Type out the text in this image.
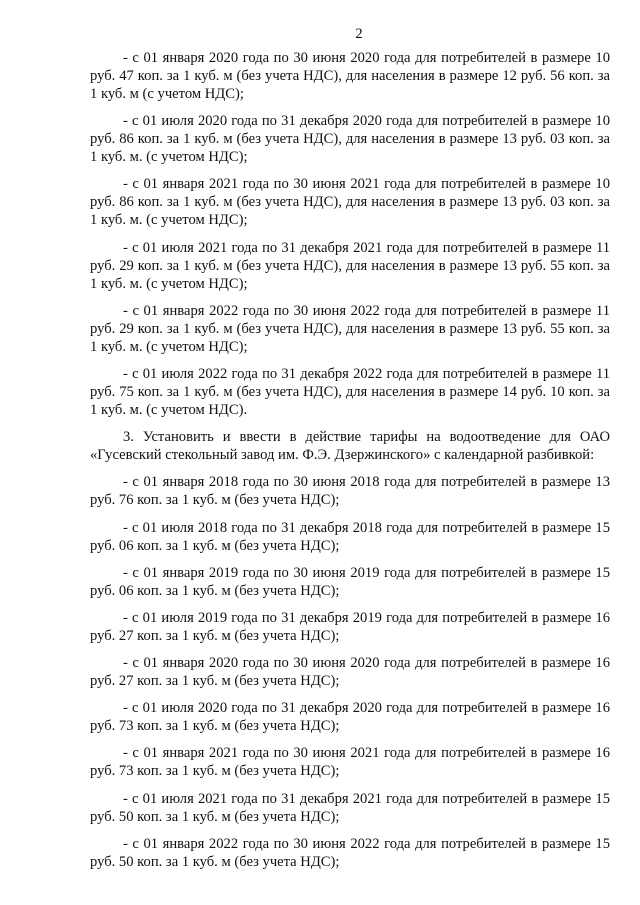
2

- с 01 января 2020 года по 30 июня 2020 года для потребителей в размере 10 руб. 47 коп. за 1 куб. м (без учета НДС), для населения в размере 12 руб. 56 коп. за 1 куб. м (с учетом НДС);

- с 01 июля 2020 года по 31 декабря 2020 года для потребителей в размере 10 руб. 86 коп. за 1 куб. м (без учета НДС), для населения в размере 13 руб. 03 коп. за 1 куб. м. (с учетом НДС);

- с 01 января 2021 года по 30 июня 2021 года для потребителей в размере 10 руб. 86 коп. за 1 куб. м (без учета НДС), для населения в размере 13 руб. 03 коп. за 1 куб. м. (с учетом НДС);

- с 01 июля 2021 года по 31 декабря 2021 года для потребителей в размере 11 руб. 29 коп. за 1 куб. м (без учета НДС), для населения в размере 13 руб. 55 коп. за 1 куб. м. (с учетом НДС);

- с 01 января 2022 года по 30 июня 2022 года для потребителей в размере 11 руб. 29 коп. за 1 куб. м (без учета НДС), для населения в размере 13 руб. 55 коп. за 1 куб. м. (с учетом НДС);

- с 01 июля 2022 года по 31 декабря 2022 года для потребителей в размере 11 руб. 75 коп. за 1 куб. м (без учета НДС), для населения в размере 14 руб. 10 коп. за 1 куб. м. (с учетом НДС).

3. Установить и ввести в действие тарифы на водоотведение для ОАО «Гусевский стекольный завод им. Ф.Э. Дзержинского» с календарной разбивкой:

- с 01 января 2018 года по 30 июня 2018 года для потребителей в размере 13 руб. 76 коп. за 1 куб. м (без учета НДС);

- с 01 июля 2018 года по 31 декабря 2018 года для потребителей в размере 15 руб. 06 коп. за 1 куб. м (без учета НДС);

- с 01 января 2019 года по 30 июня 2019 года для потребителей в размере 15 руб. 06 коп. за 1 куб. м (без учета НДС);

- с 01 июля 2019 года по 31 декабря 2019 года для потребителей в размере 16 руб. 27 коп. за 1 куб. м (без учета НДС);

- с 01 января 2020 года по 30 июня 2020 года для потребителей в размере 16 руб. 27 коп. за 1 куб. м (без учета НДС);

- с 01 июля 2020 года по 31 декабря 2020 года для потребителей в размере 16 руб. 73 коп. за 1 куб. м (без учета НДС);

- с 01 января 2021 года по 30 июня 2021 года для потребителей в размере 16 руб. 73 коп. за 1 куб. м (без учета НДС);

- с 01 июля 2021 года по 31 декабря 2021 года для потребителей в размере 15 руб. 50 коп. за 1 куб. м (без учета НДС);

- с 01 января 2022 года по 30 июня 2022 года для потребителей в размере 15 руб. 50 коп. за 1 куб. м (без учета НДС);
